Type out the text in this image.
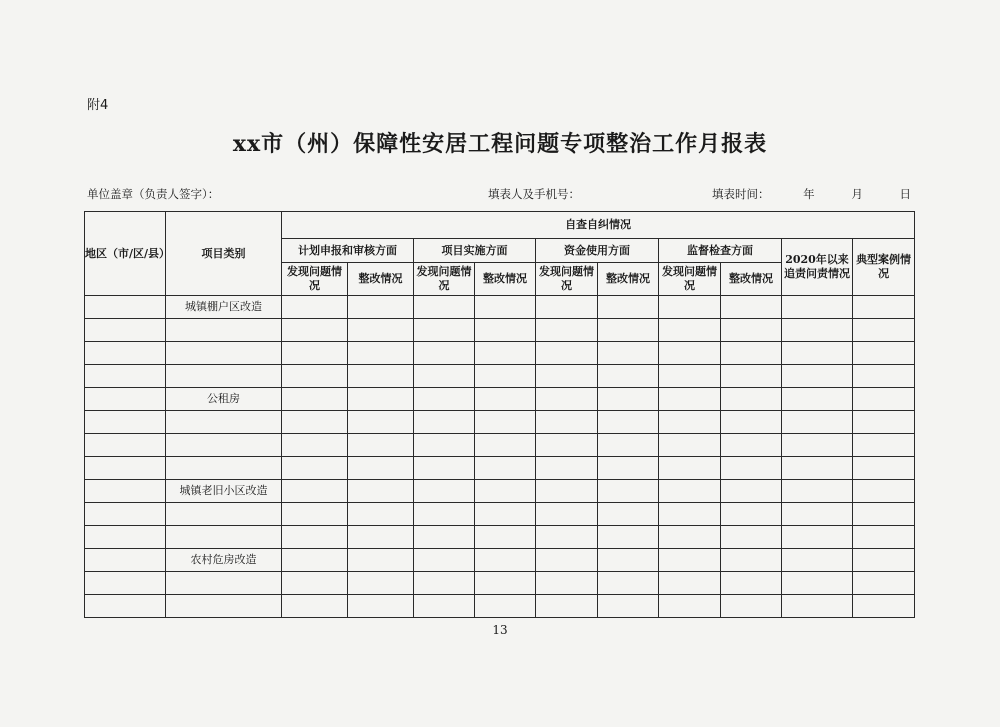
附4
xx市（州）保障性安居工程问题专项整治工作月报表
单位盖章（负责人签字）：	填表人及手机号：	填表时间：	年	月	日
地区（市/区/县）	项目类别	自查自纠情况									
		计划申报和审核方面		项目实施方面		资金使用方面		监督检查方面		2020年以来追责问责情况	典型案例情况
		发现问题情况	整改情况	发现问题情况	整改情况	发现问题情况	整改情况	发现问题情况	整改情况		
	城镇棚户区改造										

	公租房										

	城镇老旧小区改造										

	农村危房改造										

13
